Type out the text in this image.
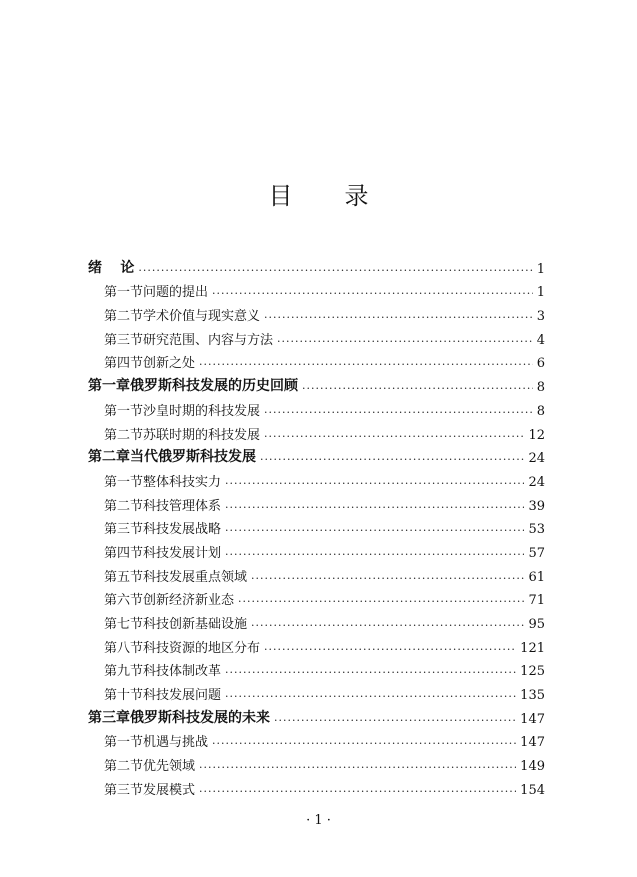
目 录
绪	论 ·····	1
第一节 问题的提出 ·····	1
第二节 学术价值与现实意义 ·····	3
第三节 研究范围、内容与方法 ·····	4
第四节 创新之处 ·····	6
第一章 俄罗斯科技发展的历史回顾 ·····	8
第一节 沙皇时期的科技发展 ·····	8
第二节 苏联时期的科技发展 ·····	12
第二章 当代俄罗斯科技发展 ·····	24
第一节 整体科技实力 ·····	24
第二节 科技管理体系 ·····	39
第三节 科技发展战略 ·····	53
第四节 科技发展计划 ·····	57
第五节 科技发展重点领域 ·····	61
第六节 创新经济新业态 ·····	71
第七节 科技创新基础设施 ·····	95
第八节 科技资源的地区分布 ·····	121
第九节 科技体制改革 ·····	125
第十节 科技发展问题 ·····	135
第三章 俄罗斯科技发展的未来 ·····	147
第一节 机遇与挑战 ·····	147
第二节 优先领域 ·····	149
第三节 发展模式 ·····	154
· 1 ·
